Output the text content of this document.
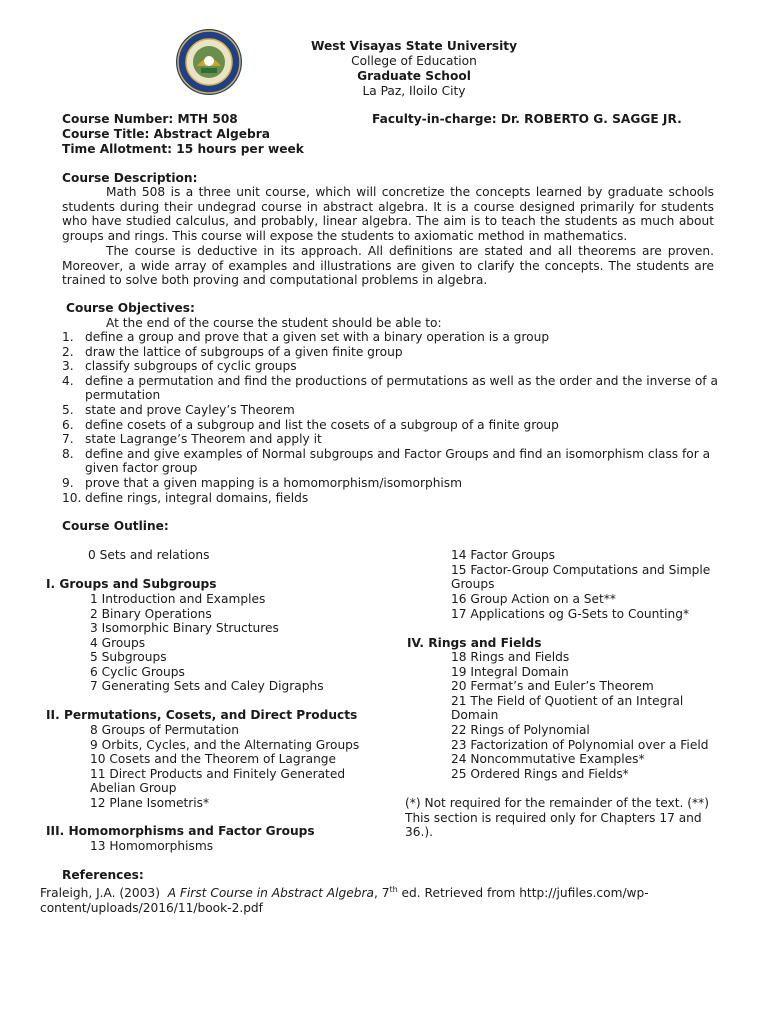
West Visayas State University
College of Education
Graduate School
La Paz, Iloilo City
Course Number: MTH 508	Faculty-in-charge: Dr. ROBERTO G. SAGGE JR.
Course Title: Abstract Algebra
Time Allotment: 15 hours per week
Course Description:
Math 508 is a three unit course, which will concretize the concepts learned by graduate schools students during their undegrad course in abstract algebra. It is a course designed primarily for students who have studied calculus, and probably, linear algebra. The aim is to teach the students as much about groups and rings. This course will expose the students to axiomatic method in mathematics.
The course is deductive in its approach. All definitions are stated and all theorems are proven. Moreover, a wide array of examples and illustrations are given to clarify the concepts. The students are trained to solve both proving and computational problems in algebra.
Course Objectives:
At the end of the course the student should be able to:
1. define a group and prove that a given set with a binary operation is a group
2. draw the lattice of subgroups of a given finite group
3. classify subgroups of cyclic groups
4. define a permutation and find the productions of permutations as well as the order and the inverse of a permutation
5. state and prove Cayley’s Theorem
6. define cosets of a subgroup and list the cosets of a subgroup of a finite group
7. state Lagrange’s Theorem and apply it
8. define and give examples of Normal subgroups and Factor Groups and find an isomorphism class for a given factor group
9. prove that a given mapping is a homomorphism/isomorphism
10. define rings, integral domains, fields
Course Outline:
0 Sets and relations
I. Groups and Subgroups
1 Introduction and Examples
2 Binary Operations
3 Isomorphic Binary Structures
4 Groups
5 Subgroups
6 Cyclic Groups
7 Generating Sets and Caley Digraphs
II. Permutations, Cosets, and Direct Products
8 Groups of Permutation
9 Orbits, Cycles, and the Alternating Groups
10 Cosets and the Theorem of Lagrange
11 Direct Products and Finitely Generated
Abelian Group
12 Plane Isometris*
III. Homomorphisms and Factor Groups
13 Homomorphisms
14 Factor Groups
15 Factor-Group Computations and Simple
Groups
16 Group Action on a Set**
17 Applications og G-Sets to Counting*
IV. Rings and Fields
18 Rings and Fields
19 Integral Domain
20 Fermat’s and Euler’s Theorem
21 The Field of Quotient of an Integral
Domain
22 Rings of Polynomial
23 Factorization of Polynomial over a Field
24 Noncommutative Examples*
25 Ordered Rings and Fields*
(*) Not required for the remainder of the text. (**) This section is required only for Chapters 17 and 36.).
References:
Fraleigh, J.A. (2003) A First Course in Abstract Algebra, 7th ed. Retrieved from http://jufiles.com/wp-content/uploads/2016/11/book-2.pdf
